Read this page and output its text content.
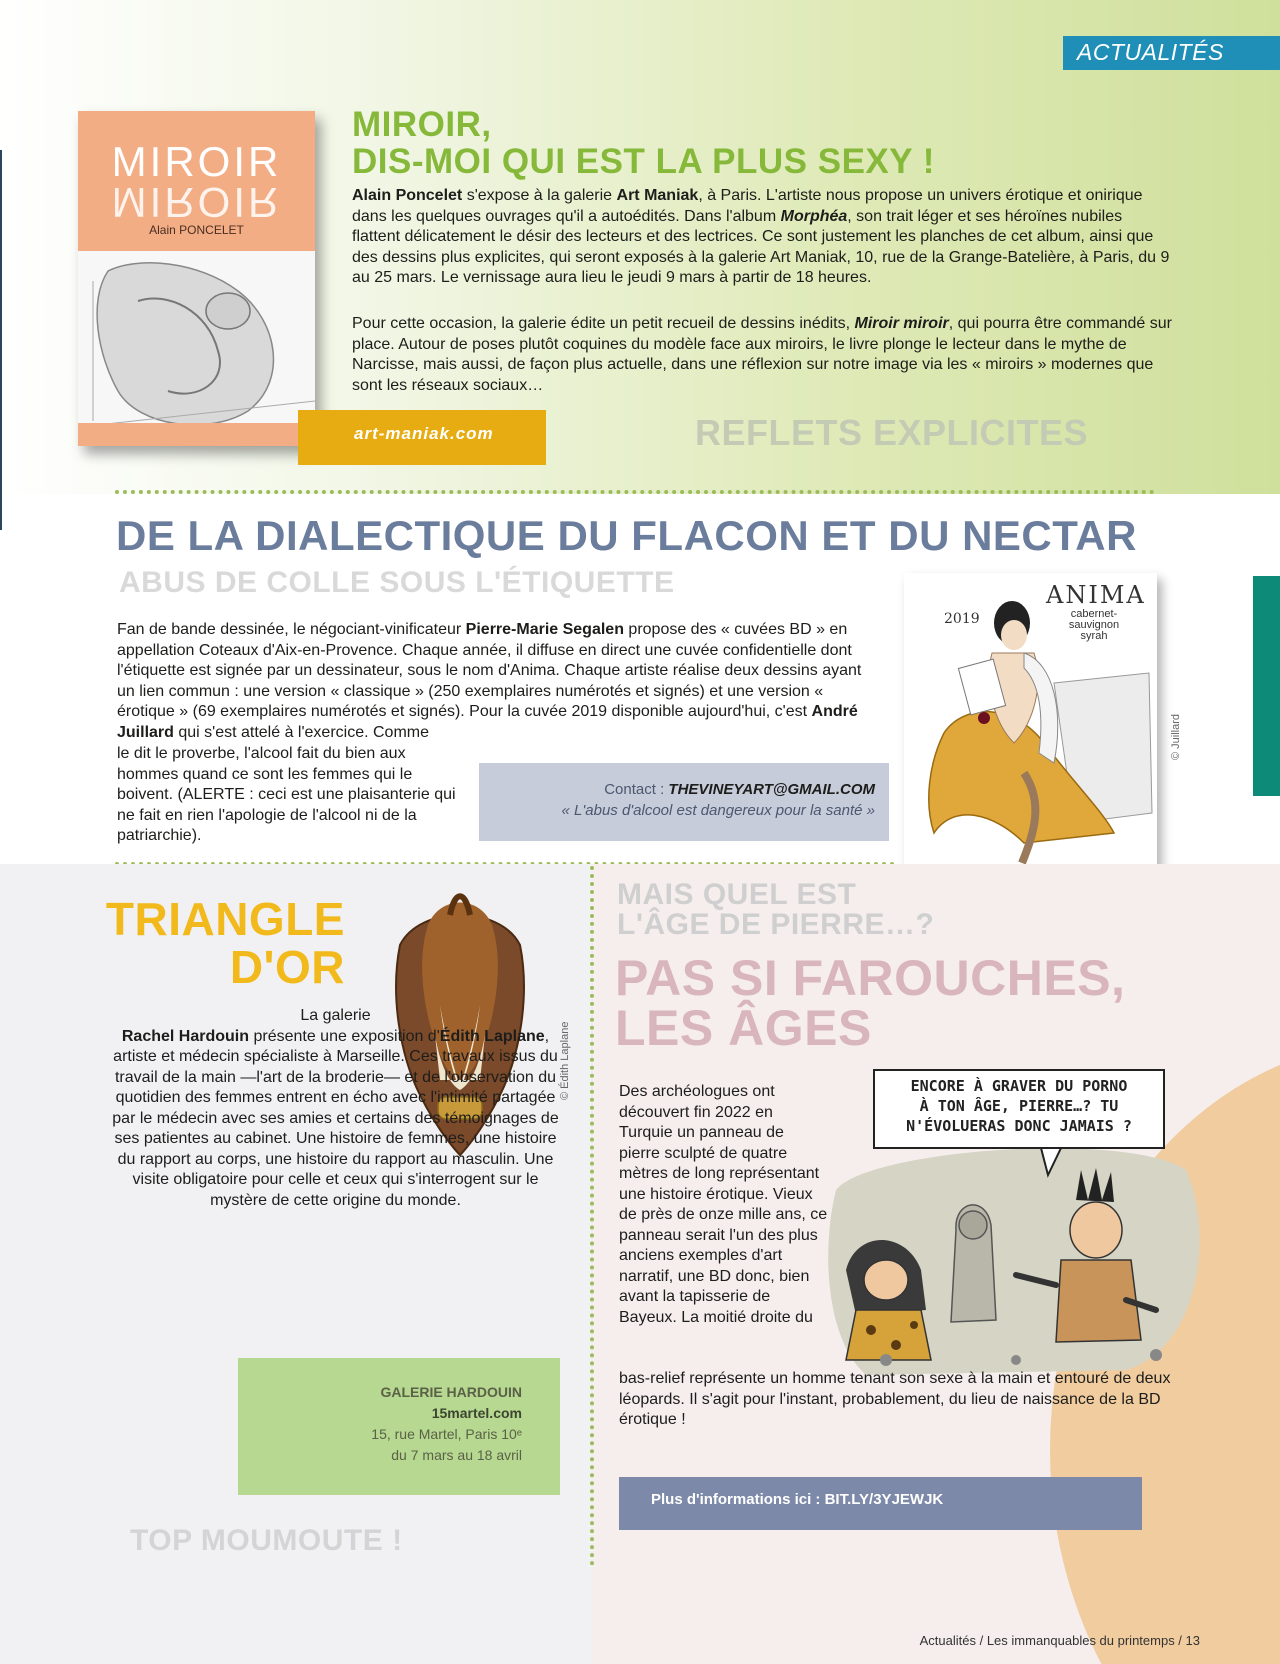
ACTUALITÉS
MIROIR
MIROIR
Alain PONCELET
MIROIR,
DIS-MOI QUI EST LA PLUS SEXY !
Alain Poncelet s'expose à la galerie Art Maniak, à Paris. L'artiste nous propose un univers érotique et onirique dans les quelques ouvrages qu'il a autoédités. Dans l'album Morphéa, son trait léger et ses héroïnes nubiles flattent délicatement le désir des lecteurs et des lectrices. Ce sont justement les planches de cet album, ainsi que des dessins plus explicites, qui seront exposés à la galerie Art Maniak, 10, rue de la Grange-Batelière, à Paris, du 9 au 25 mars. Le vernissage aura lieu le jeudi 9 mars à partir de 18 heures.
Pour cette occasion, la galerie édite un petit recueil de dessins inédits, Miroir miroir, qui pourra être commandé sur place. Autour de poses plutôt coquines du modèle face aux miroirs, le livre plonge le lecteur dans le mythe de Narcisse, mais aussi, de façon plus actuelle, dans une réflexion sur notre image via les « miroirs » modernes que sont les réseaux sociaux…
art-maniak.com	REFLETS EXPLICITES
DE LA DIALECTIQUE DU FLACON ET DU NECTAR
ABUS DE COLLE SOUS L'ÉTIQUETTE
Fan de bande dessinée, le négociant-vinificateur Pierre-Marie Segalen propose des « cuvées BD » en appellation Coteaux d'Aix-en-Provence. Chaque année, il diffuse en direct une cuvée confidentielle dont l'étiquette est signée par un dessinateur, sous le nom d'Anima. Chaque artiste réalise deux dessins ayant un lien commun : une version « classique » (250 exemplaires numérotés et signés) et une version « érotique » (69 exemplaires numérotés et signés). Pour la cuvée 2019 disponible aujourd'hui, c'est André Juillard qui s'est attelé à l'exercice. Comme
le dit le proverbe, l'alcool fait du bien aux hommes quand ce sont les femmes qui le boivent. (ALERTE : ceci est une plaisanterie qui ne fait en rien l'apologie de l'alcool ni de la patriarchie).
Contact : THEVINEYART@GMAIL.COM
« L'abus d'alcool est dangereux pour la santé »
2019
ANIMA
cabernet-
sauvignon
syrah
© Juillard
TRIANGLE
D'OR
© Édith Laplane
La galerie
Rachel Hardouin présente une exposition d'Édith Laplane, artiste et médecin spécialiste à Marseille. Ces travaux issus du travail de la main —l'art de la broderie— et de l'observation du quotidien des femmes entrent en écho avec l'intimité partagée par le médecin avec ses amies et certains des témoignages de ses patientes au cabinet. Une histoire de femmes, une histoire du rapport au corps, une histoire du rapport au masculin. Une visite obligatoire pour celle et ceux qui s'interrogent sur le mystère de cette origine du monde.
GALERIE HARDOUIN
15martel.com
15, rue Martel, Paris 10ᵉ
du 7 mars au 18 avril
TOP MOUMOUTE !
MAIS QUEL EST
L'ÂGE DE PIERRE…?
PAS SI FAROUCHES,
LES ÂGES
Des archéologues ont découvert fin 2022 en Turquie un panneau de pierre sculpté de quatre mètres de long représentant une histoire érotique. Vieux de près de onze mille ans, ce panneau serait l'un des plus anciens exemples d'art narratif, une BD donc, bien avant la tapisserie de Bayeux. La moitié droite du
ENCORE À GRAVER DU PORNO
À TON ÂGE, PIERRE…? TU
N'ÉVOLUERAS DONC JAMAIS ?
bas-relief représente un homme tenant son sexe à la main et entouré de deux léopards. Il s'agit pour l'instant, probablement, du lieu de naissance de la BD érotique !
Plus d'informations ici : BIT.LY/3YJEWJK
Actualités / Les immanquables du printemps / 13
